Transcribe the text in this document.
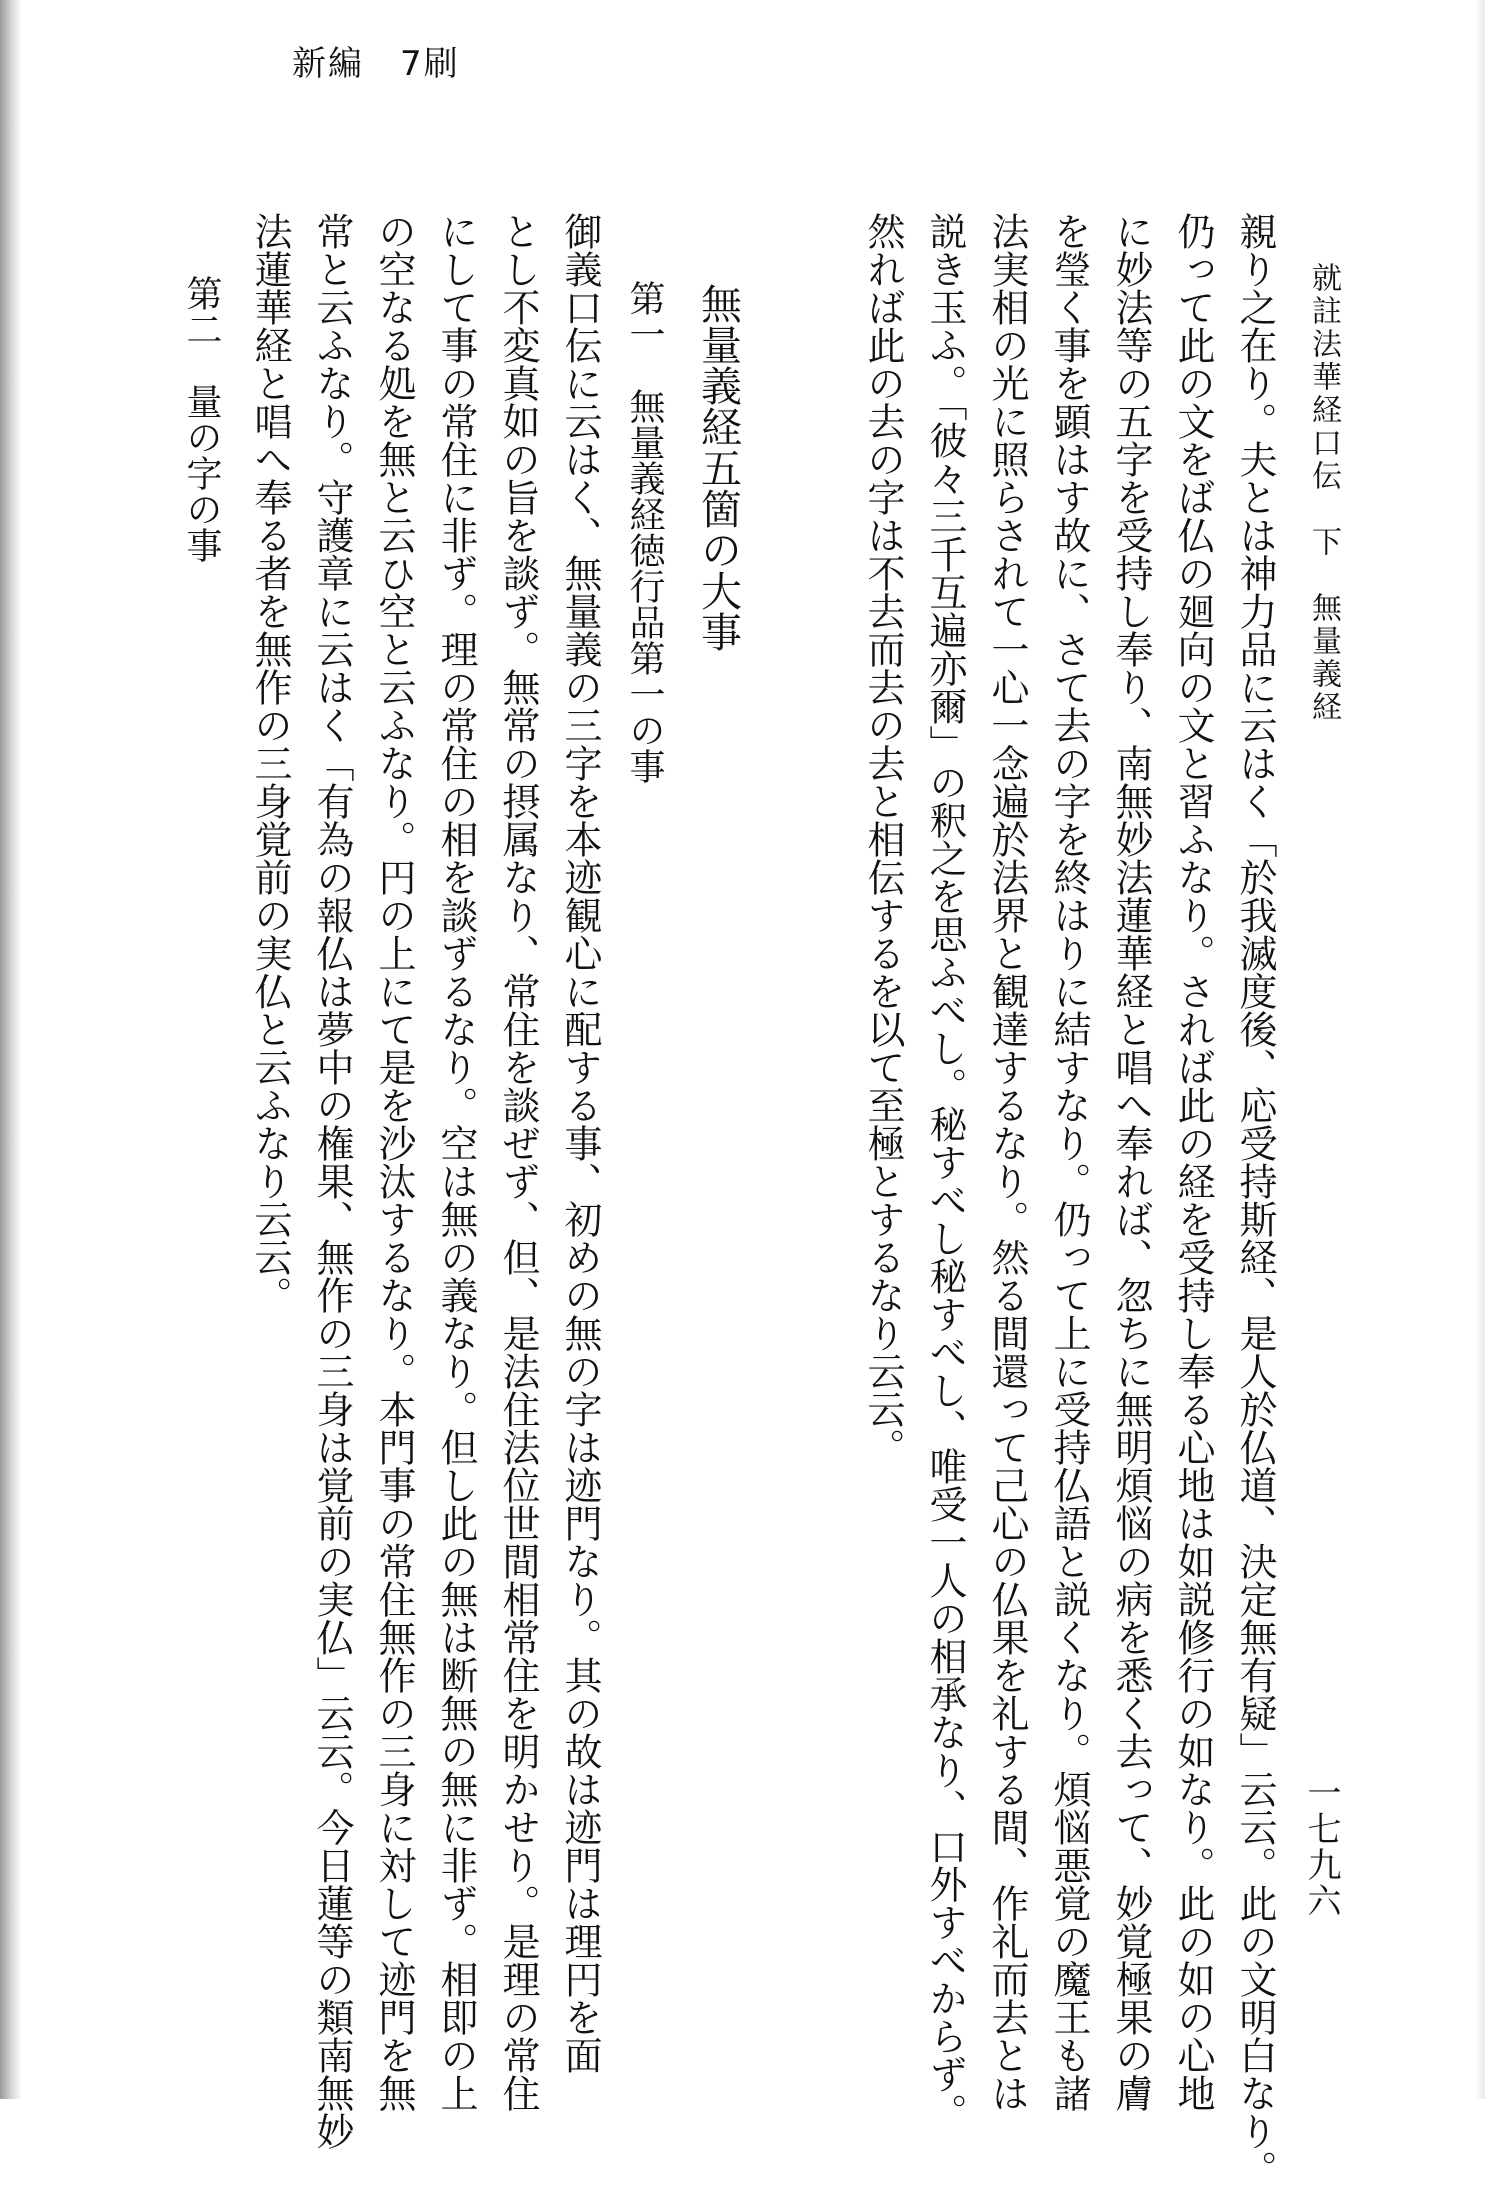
新編　7刷
就註法華経口伝　下　無量義経
一七九六
親り之在り。夫とは神力品に云はく「於我滅度後、応受持斯経、是人於仏道、決定無有疑」云云。此の文明白なり。
仍って此の文をば仏の廻向の文と習ふなり。されば此の経を受持し奉る心地は如説修行の如なり。此の如の心地
に妙法等の五字を受持し奉り、南無妙法蓮華経と唱へ奉れば、忽ちに無明煩悩の病を悉く去って、妙覚極果の膚
を瑩く事を顕はす故に、さて去の字を終はりに結すなり。仍って上に受持仏語と説くなり。煩悩悪覚の魔王も諸
法実相の光に照らされて一心一念遍於法界と観達するなり。然る間還って己心の仏果を礼する間、作礼而去とは
説き玉ふ。「彼々三千互遍亦爾」の釈之を思ふべし。秘すべし秘すべし、唯受一人の相承なり、口外すべからず。
然れば此の去の字は不去而去の去と相伝するを以て至極とするなり云云。
無量義経五箇の大事
第一　無量義経徳行品第一の事
御義口伝に云はく、無量義の三字を本迹観心に配する事、初めの無の字は迹門なり。其の故は迹門は理円を面
とし不変真如の旨を談ず。無常の摂属なり、常住を談ぜず、但、是法住法位世間相常住を明かせり。是理の常住
にして事の常住に非ず。理の常住の相を談ずるなり。空は無の義なり。但し此の無は断無の無に非ず。相即の上
の空なる処を無と云ひ空と云ふなり。円の上にて是を沙汰するなり。本門事の常住無作の三身に対して迹門を無
常と云ふなり。守護章に云はく「有為の報仏は夢中の権果、無作の三身は覚前の実仏」云云。今日蓮等の類南無妙
法蓮華経と唱へ奉る者を無作の三身覚前の実仏と云ふなり云云。
第二　量の字の事
